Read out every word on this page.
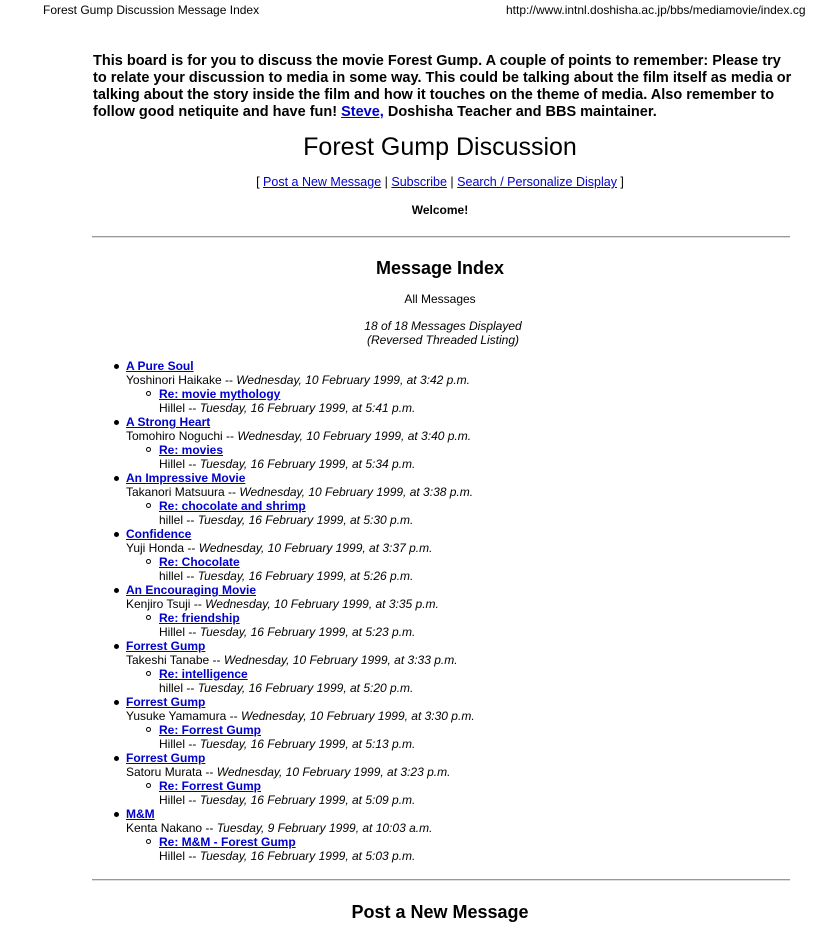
Forest Gump Discussion Message Index	http://www.intnl.doshisha.ac.jp/bbs/mediamovie/index.cg
This board is for you to discuss the movie Forest Gump. A couple of points to remember: Please try to relate your discussion to media in some way. This could be talking about the film itself as media or talking about the story inside the film and how it touches on the theme of media. Also remember to follow good netiquite and have fun! Steve, Doshisha Teacher and BBS maintainer.
Forest Gump Discussion
[ Post a New Message | Subscribe | Search / Personalize Display ]
Welcome!
Message Index
All Messages
18 of 18 Messages Displayed
(Reversed Threaded Listing)
A Pure Soul
Yoshinori Haikake -- Wednesday, 10 February 1999, at 3:42 p.m.
Re: movie mythology
Hillel -- Tuesday, 16 February 1999, at 5:41 p.m.
A Strong Heart
Tomohiro Noguchi -- Wednesday, 10 February 1999, at 3:40 p.m.
Re: movies
Hillel -- Tuesday, 16 February 1999, at 5:34 p.m.
An Impressive Movie
Takanori Matsuura -- Wednesday, 10 February 1999, at 3:38 p.m.
Re: chocolate and shrimp
hillel -- Tuesday, 16 February 1999, at 5:30 p.m.
Confidence
Yuji Honda -- Wednesday, 10 February 1999, at 3:37 p.m.
Re: Chocolate
hillel -- Tuesday, 16 February 1999, at 5:26 p.m.
An Encouraging Movie
Kenjiro Tsuji -- Wednesday, 10 February 1999, at 3:35 p.m.
Re: friendship
Hillel -- Tuesday, 16 February 1999, at 5:23 p.m.
Forrest Gump
Takeshi Tanabe -- Wednesday, 10 February 1999, at 3:33 p.m.
Re: intelligence
hillel -- Tuesday, 16 February 1999, at 5:20 p.m.
Forrest Gump
Yusuke Yamamura -- Wednesday, 10 February 1999, at 3:30 p.m.
Re: Forrest Gump
Hillel -- Tuesday, 16 February 1999, at 5:13 p.m.
Forrest Gump
Satoru Murata -- Wednesday, 10 February 1999, at 3:23 p.m.
Re: Forrest Gump
Hillel -- Tuesday, 16 February 1999, at 5:09 p.m.
M&M
Kenta Nakano -- Tuesday, 9 February 1999, at 10:03 a.m.
Re: M&M - Forest Gump
Hillel -- Tuesday, 16 February 1999, at 5:03 p.m.
Post a New Message
